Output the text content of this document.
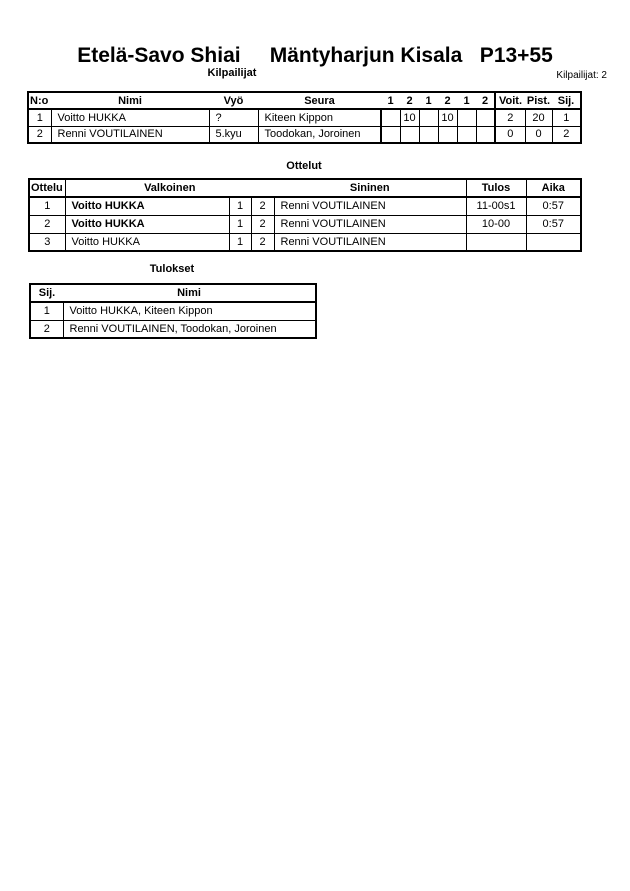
Etelä-Savo Shiai     Mäntyharjun Kisala   P13+55
Kilpailijat	Kilpailijat: 2
N:o	Nimi	Vyö	Seura	1	2	1	2	1	2	Voit.	Pist.	Sij.
1	Voitto HUKKA	?	Kiteen Kippon		10		10			2	20	1
2	Renni VOUTILAINEN	5.kyu	Toodokan, Joroinen							0	0	2
Ottelut
Ottelu	Valkoinen			Sininen	Tulos	Aika
1	Voitto HUKKA	1	2	Renni VOUTILAINEN	11-00s1	0:57
2	Voitto HUKKA	1	2	Renni VOUTILAINEN	10-00	0:57
3	Voitto HUKKA	1	2	Renni VOUTILAINEN		
Tulokset
Sij.	Nimi
1	Voitto HUKKA, Kiteen Kippon
2	Renni VOUTILAINEN, Toodokan, Joroinen
